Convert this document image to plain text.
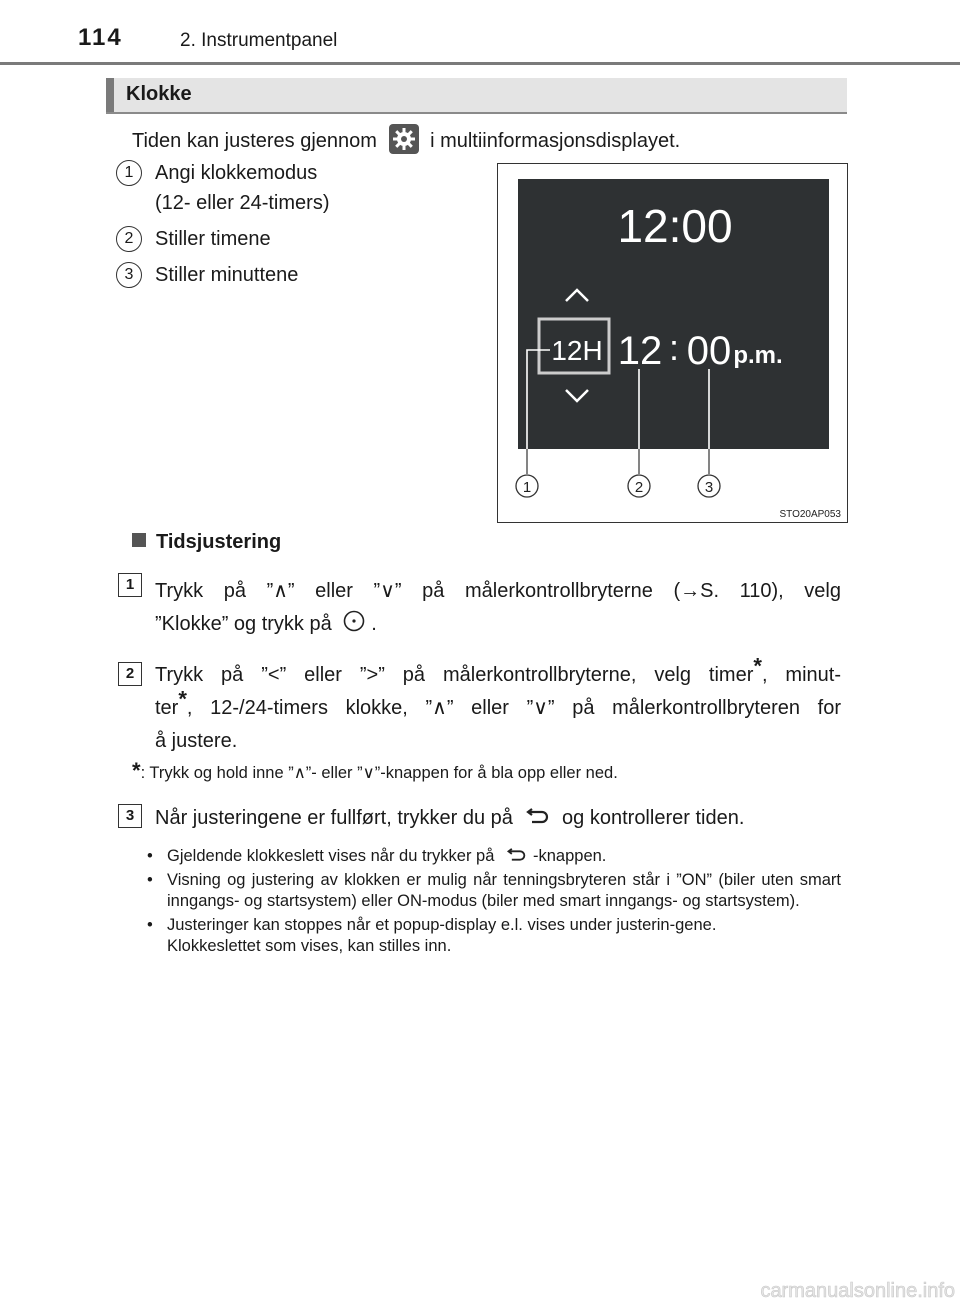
114	2. Instrumentpanel
Klokke
Tiden kan justeres gjennom	i multiinformasjonsdisplayet.
1	Angi klokkemodus
(12- eller 24-timers)
2	Stiller timene
3	Stiller minuttene
12:00
12H 12 : 00 p.m.
1	2	3
STO20AP053
Tidsjustering
1	Trykk på ”∧” eller ”∨” på målerkontrollbryterne (→S. 110), velg
”Klokke” og trykk på .
2	Trykk på ”<” eller ”>” på målerkontrollbryterne, velg timer*, minut-
ter*, 12-/24-timers klokke, ”∧” eller ”∨” på målerkontrollbryteren for
å justere.
*: Trykk og hold inne ”∧”- eller ”∨”-knappen for å bla opp eller ned.
3	Når justeringene er fullført, trykker du på og kontrollerer tiden.
• Gjeldende klokkeslett vises når du trykker på -knappen.
• Visning og justering av klokken er mulig når tenningsbryteren står i ”ON” (biler uten smart inngangs- og startsystem) eller ON-modus (biler med smart inngangs- og startsystem).
• Justeringer kan stoppes når et popup-display e.l. vises under justerin-gene.
Klokkeslettet som vises, kan stilles inn.
carmanualsonline.info
